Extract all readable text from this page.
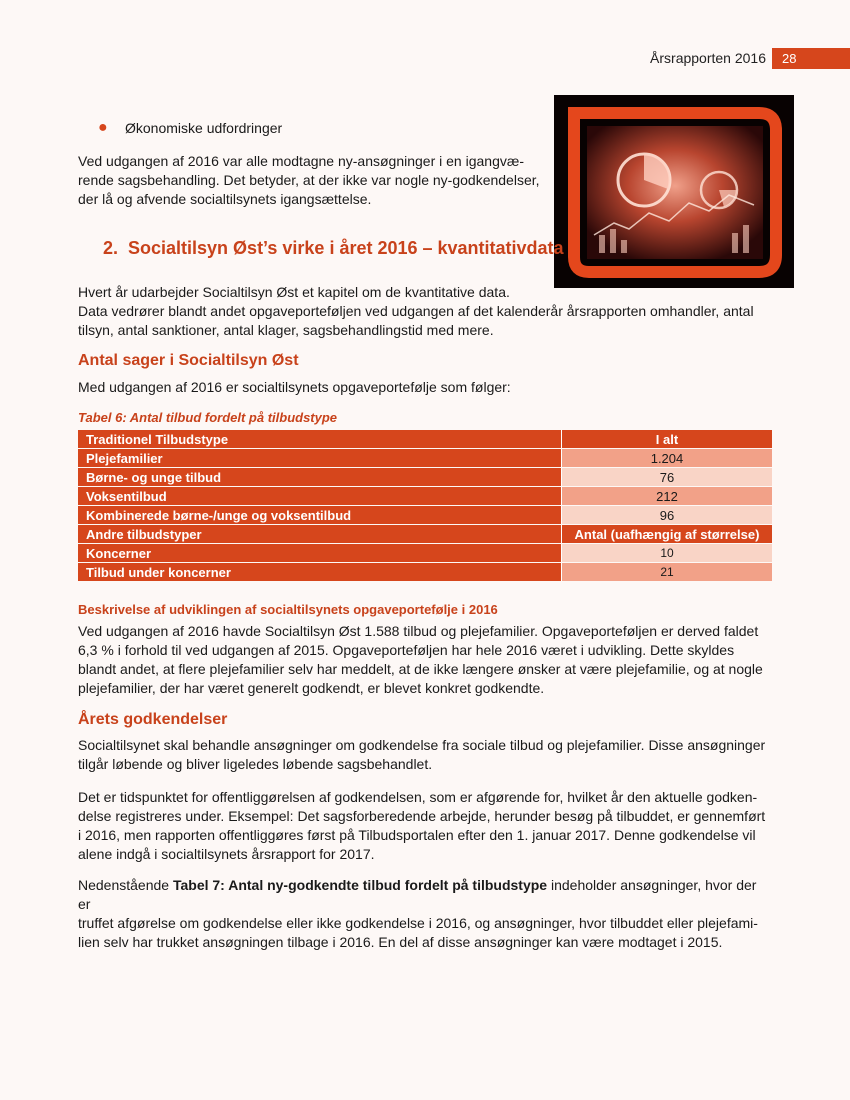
Årsrapporten 2016	28
●	Økonomiske udfordringer
Ved udgangen af 2016 var alle modtagne ny-ansøgninger i en igangvæ-
rende sagsbehandling. Det betyder, at der ikke var nogle ny-godkendelser,
der lå og afvende socialtilsynets igangsættelse.
2. Socialtilsyn Øst’s virke i året 2016 – kvantitativdata
Hvert år udarbejder Socialtilsyn Øst et kapitel om de kvantitative data.
Data vedrører blandt andet opgaveporteføljen ved udgangen af det kalenderår årsrapporten omhandler, antal
tilsyn, antal sanktioner, antal klager, sagsbehandlingstid med mere.
Antal sager i Socialtilsyn Øst
Med udgangen af 2016 er socialtilsynets opgaveportefølje som følger:
Tabel 6: Antal tilbud fordelt på tilbudstype
Traditionel Tilbudstype	I alt
Plejefamilier	1.204
Børne- og unge tilbud	76
Voksentilbud	212
Kombinerede børne-/unge og voksentilbud	96
Andre tilbudstyper	Antal (uafhængig af størrelse)
Koncerner	10
Tilbud under koncerner	21
Beskrivelse af udviklingen af socialtilsynets opgaveportefølje i 2016
Ved udgangen af 2016 havde Socialtilsyn Øst 1.588 tilbud og plejefamilier. Opgaveporteføljen er derved faldet
6,3 % i forhold til ved udgangen af 2015. Opgaveporteføljen har hele 2016 været i udvikling. Dette skyldes
blandt andet, at flere plejefamilier selv har meddelt, at de ikke længere ønsker at være plejefamilie, og at nogle
plejefamilier, der har været generelt godkendt, er blevet konkret godkendte.
Årets godkendelser
Socialtilsynet skal behandle ansøgninger om godkendelse fra sociale tilbud og plejefamilier. Disse ansøgninger
tilgår løbende og bliver ligeledes løbende sagsbehandlet.
Det er tidspunktet for offentliggørelsen af godkendelsen, som er afgørende for, hvilket år den aktuelle godken-
delse registreres under. Eksempel: Det sagsforberedende arbejde, herunder besøg på tilbuddet, er gennemført
i 2016, men rapporten offentliggøres først på Tilbudsportalen efter den 1. januar 2017. Denne godkendelse vil
alene indgå i socialtilsynets årsrapport for 2017.
Nedenstående Tabel 7: Antal ny-godkendte tilbud fordelt på tilbudstype indeholder ansøgninger, hvor der er
truffet afgørelse om godkendelse eller ikke godkendelse i 2016, og ansøgninger, hvor tilbuddet eller plejefami-
lien selv har trukket ansøgningen tilbage i 2016. En del af disse ansøgninger kan være modtaget i 2015.
